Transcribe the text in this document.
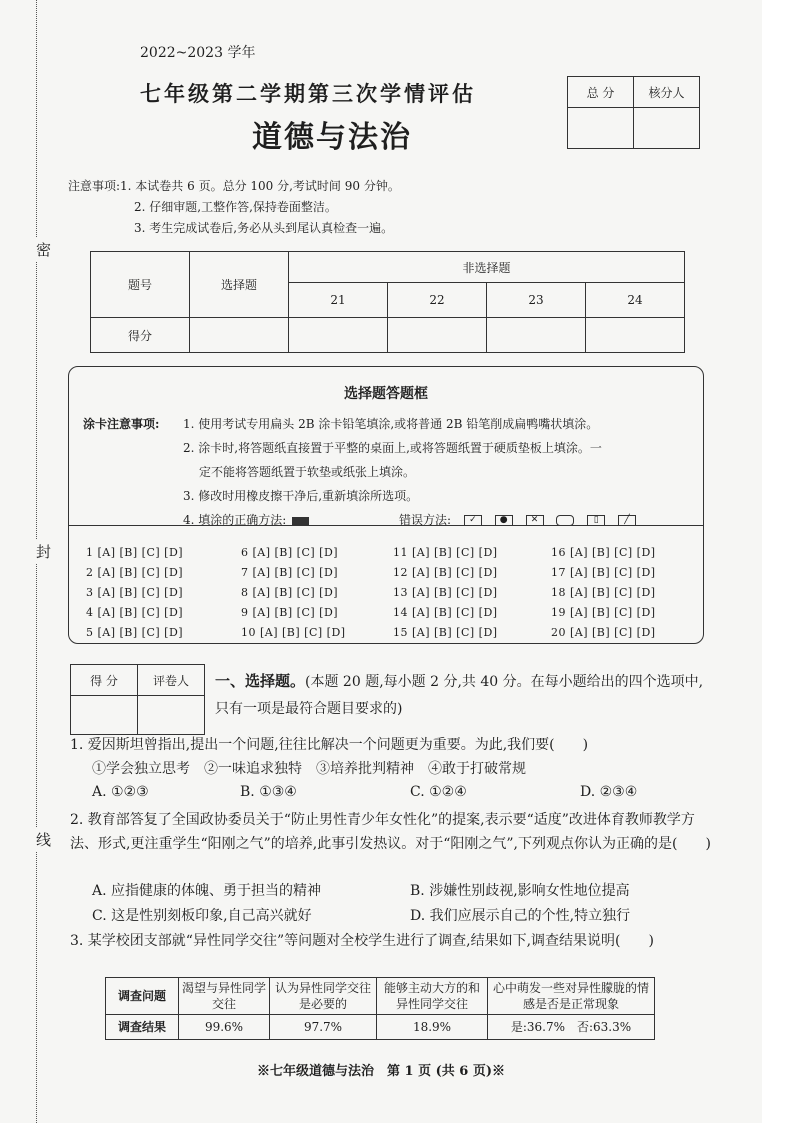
密
封
线
2022~2023 学年
七年级第二学期第三次学情评估
道德与法治
总 分	核分人

注意事项:1. 本试卷共 6 页。总分 100 分,考试时间 90 分钟。
2. 仔细审题,工整作答,保持卷面整洁。
3. 考生完成试卷后,务必从头到尾认真检查一遍。
题号	选择题	非选择题			
		21	22	23	24
得分					
选择题答题框
涂卡注意事项: 1. 使用考试专用扁头 2B 涂卡铅笔填涂,或将普通 2B 铅笔削成扁鸭嘴状填涂。
2. 涂卡时,将答题纸直接置于平整的桌面上,或将答题纸置于硬质垫板上填涂。一
定不能将答题纸置于软垫或纸张上填涂。
3. 修改时用橡皮擦干净后,重新填涂所选项。
4. 填涂的正确方法:	错误方法: ✓	●	✕	▯	╱
1 [A] [B] [C] [D]	6 [A] [B] [C] [D]	11 [A] [B] [C] [D]	16 [A] [B] [C] [D]
2 [A] [B] [C] [D]	7 [A] [B] [C] [D]	12 [A] [B] [C] [D]	17 [A] [B] [C] [D]
3 [A] [B] [C] [D]	8 [A] [B] [C] [D]	13 [A] [B] [C] [D]	18 [A] [B] [C] [D]
4 [A] [B] [C] [D]	9 [A] [B] [C] [D]	14 [A] [B] [C] [D]	19 [A] [B] [C] [D]
5 [A] [B] [C] [D]	10 [A] [B] [C] [D]	15 [A] [B] [C] [D]	20 [A] [B] [C] [D]
得 分	评卷人
	一、选择题。(本题 20 题,每小题 2 分,共 40 分。在每小题给出的四个选项中,只有一项是最符合题目要求的)
1. 爱因斯坦曾指出,提出一个问题,往往比解决一个问题更为重要。为此,我们要(　　)
①学会独立思考　②一味追求独特　③培养批判精神　④敢于打破常规
A. ①②③	B. ①③④	C. ①②④	D. ②③④
2. 教育部答复了全国政协委员关于“防止男性青少年女性化”的提案,表示要“适度”改进体育教师教学方法、形式,更注重学生“阳刚之气”的培养,此事引发热议。对于“阳刚之气”,下列观点你认为正确的是(　　)
A. 应指健康的体魄、勇于担当的精神	B. 涉嫌性别歧视,影响女性地位提高
C. 这是性别刻板印象,自己高兴就好	D. 我们应展示自己的个性,特立独行
3. 某学校团支部就“异性同学交往”等问题对全校学生进行了调查,结果如下,调查结果说明(　　)
调查问题	渴望与异性同学交往	认为异性同学交往是必要的	能够主动大方的和异性同学交往	心中萌发一些对异性朦胧的情感是否是正常现象
调查结果	99.6%	97.7%	18.9%	是:36.7%　否:63.3%
※七年级道德与法治　第 1 页 (共 6 页)※
